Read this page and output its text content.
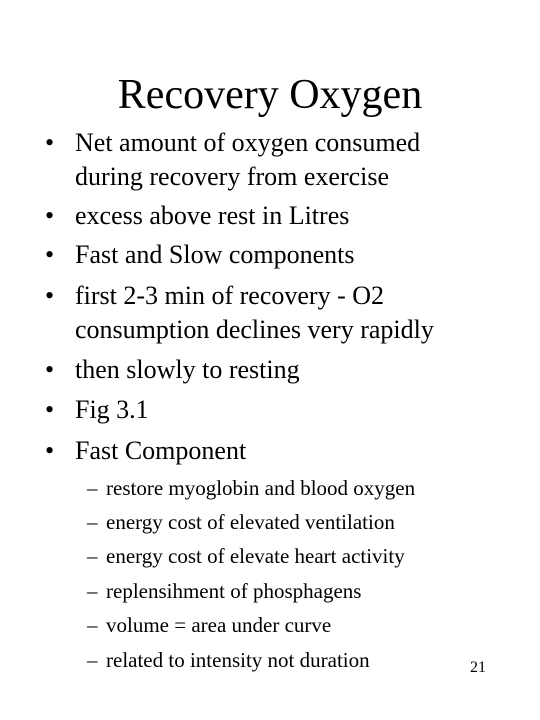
Recovery Oxygen
• Net amount of oxygen consumed
during recovery from exercise
• excess above rest in Litres
• Fast and Slow components
• first 2-3 min of recovery - O2
consumption declines very rapidly
• then slowly to resting
• Fig 3.1
• Fast Component
– restore myoglobin and blood oxygen
– energy cost of elevated ventilation
– energy cost of elevate heart activity
– replensihment of phosphagens
– volume = area under curve
– related to intensity not duration	21
